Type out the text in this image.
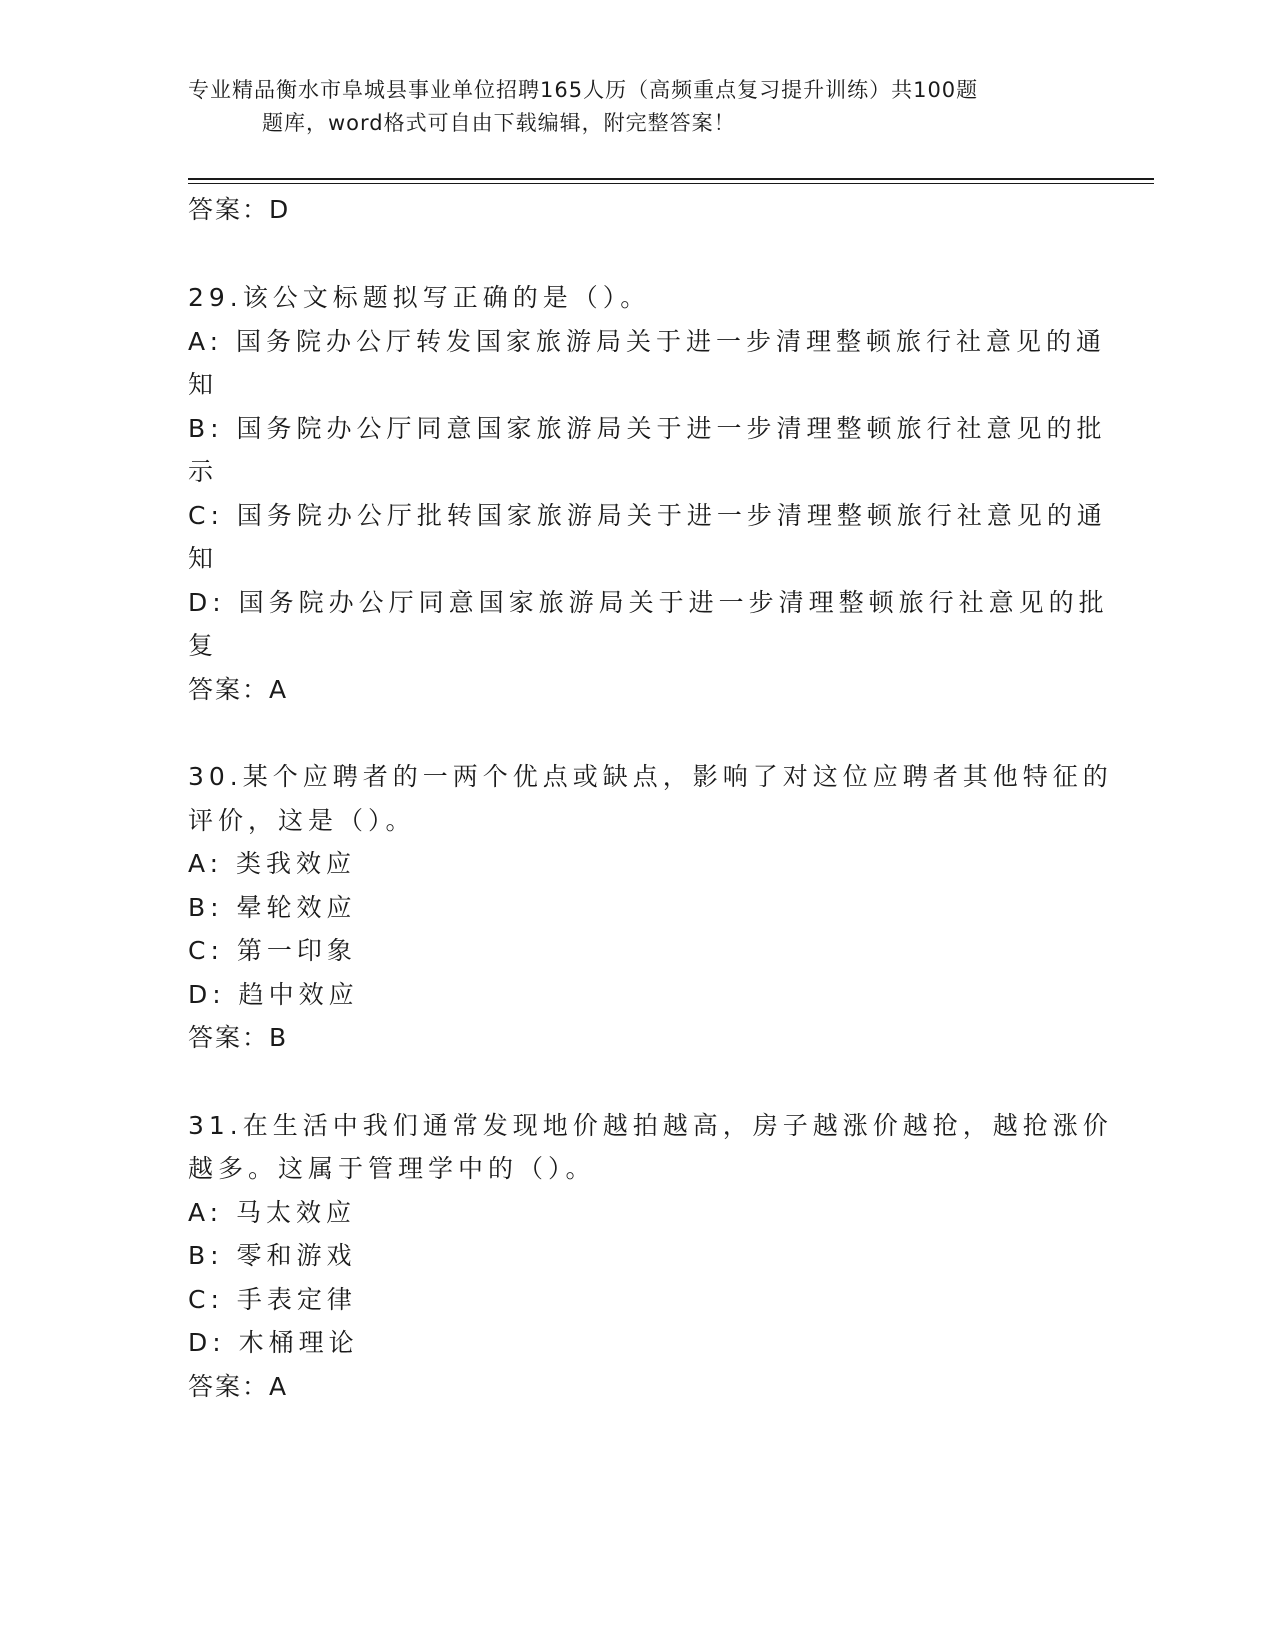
专业精品衡水市阜城县事业单位招聘165人历（高频重点复习提升训练）共100题
题库，word格式可自由下载编辑，附完整答案！
答案：D
29.该公文标题拟写正确的是（）。
A: 国务院办公厅转发国家旅游局关于进一步清理整顿旅行社意见的通
知
B: 国务院办公厅同意国家旅游局关于进一步清理整顿旅行社意见的批
示
C: 国务院办公厅批转国家旅游局关于进一步清理整顿旅行社意见的通
知
D: 国务院办公厅同意国家旅游局关于进一步清理整顿旅行社意见的批
复
答案：A
30.某个应聘者的一两个优点或缺点，影响了对这位应聘者其他特征的
评价，这是（）。
A: 类我效应
B: 晕轮效应
C: 第一印象
D: 趋中效应
答案：B
31.在生活中我们通常发现地价越拍越高，房子越涨价越抢，越抢涨价
越多。这属于管理学中的（）。
A: 马太效应
B: 零和游戏
C: 手表定律
D: 木桶理论
答案：A
